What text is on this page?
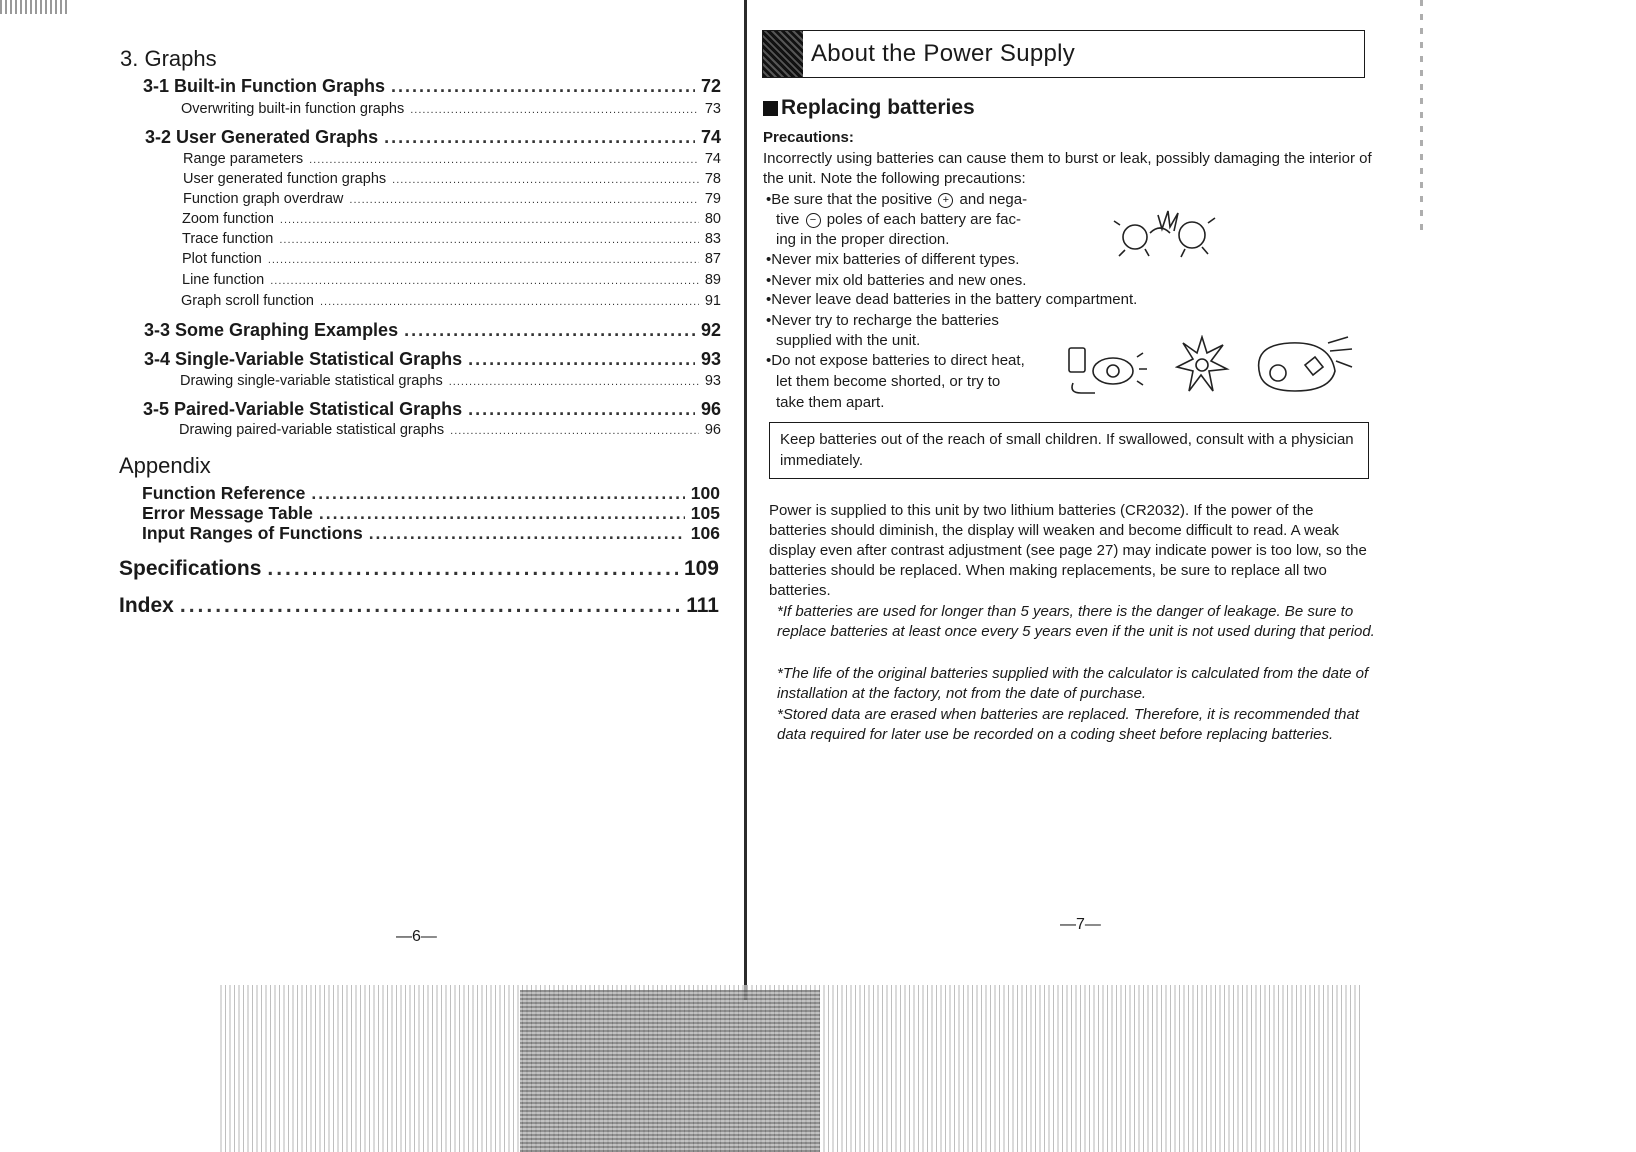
3. Graphs
3-1 Built-in Function Graphs .....	72
Overwriting built-in function graphs .....	73
3-2 User Generated Graphs .....	74
Range parameters .....	74
User generated function graphs .....	78
Function graph overdraw .....	79
Zoom function .....	80
Trace function .....	83
Plot function .....	87
Line function .....	89
Graph scroll function .....	91
3-3 Some Graphing Examples .....	92
3-4 Single-Variable Statistical Graphs .....	93
Drawing single-variable statistical graphs .....	93
3-5 Paired-Variable Statistical Graphs .....	96
Drawing paired-variable statistical graphs .....	96
Appendix
Function Reference .....	100
Error Message Table .....	105
Input Ranges of Functions .....	106
Specifications .....	109
Index .....	111
—6—
About the Power Supply
Replacing batteries
Precautions:
Incorrectly using batteries can cause them to burst or leak, possibly damaging the interior of the unit. Note the following precautions:
•Be sure that the positive + and nega-
tive − poles of each battery are fac-
ing in the proper direction.
•Never mix batteries of different types.
•Never mix old batteries and new ones.
•Never leave dead batteries in the battery compartment.
•Never try to recharge the batteries
supplied with the unit.
•Do not expose batteries to direct heat,
let them become shorted, or try to
take them apart.
Keep batteries out of the reach of small children. If swallowed, consult with a physician immediately.
Power is supplied to this unit by two lithium batteries (CR2032). If the power of the batteries should diminish, the display will weaken and become difficult to read. A weak display even after contrast adjustment (see page 27) may indicate power is too low, so the batteries should be replaced. When making replacements, be sure to replace all two batteries.
*If batteries are used for longer than 5 years, there is the danger of leakage. Be sure to replace batteries at least once every 5 years even if the unit is not used during that period.
*The life of the original batteries supplied with the calculator is calculated from the date of installation at the factory, not from the date of purchase.
*Stored data are erased when batteries are replaced. Therefore, it is recommended that data required for later use be recorded on a coding sheet before replacing batteries.
—7—
